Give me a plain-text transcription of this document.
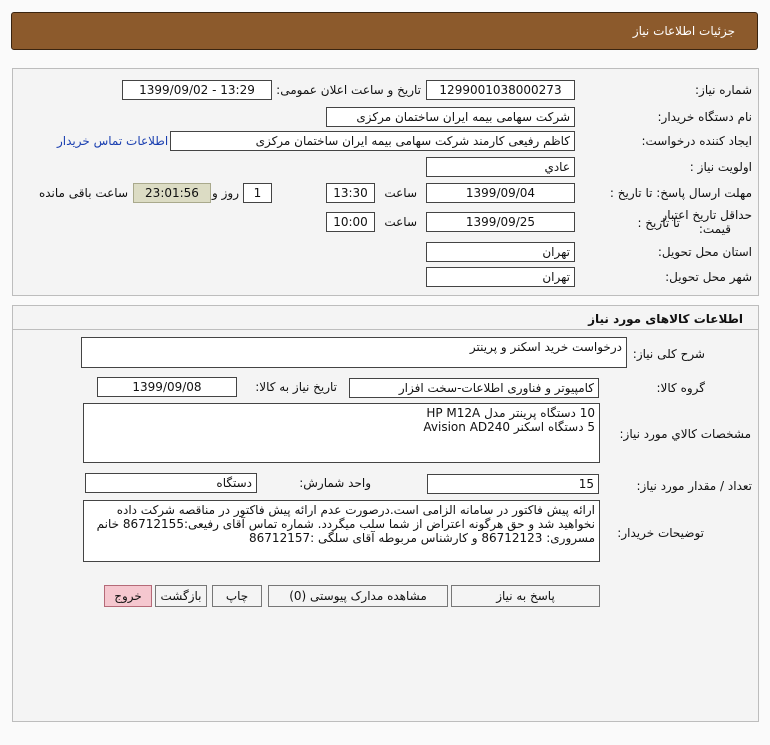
جزئیات اطلاعات نیاز
شماره نیاز:
1299001038000273
تاریخ و ساعت اعلان عمومی:
1399/09/02 - 13:29
نام دستگاه خریدار:
شرکت سهامی بیمه ایران ساختمان مرکزی
ایجاد کننده درخواست:
کاظم رفیعی کارمند شرکت سهامی بیمه ایران ساختمان مرکزی
اطلاعات تماس خریدار
اولویت نیاز :
عادي
مهلت ارسال پاسخ: تا تاریخ :
1399/09/04
ساعت
13:30
1
روز و
23:01:56
ساعت باقی مانده
حداقل تاریخ اعتبار
قیمت:
تا تاریخ :
1399/09/25
ساعت
10:00
استان محل تحویل:
تهران
شهر محل تحویل:
تهران
اطلاعات کالاهای مورد نیاز
شرح کلی نیاز:
درخواست خرید اسکنر و پرینتر
گروه کالا:
کامپیوتر و فناوری اطلاعات-سخت افزار
تاریخ نیاز به کالا:
1399/09/08
مشخصات کالاي مورد نياز:
10 دستگاه پرینتر مدل HP M12A
5 دستگاه اسکنر Avision AD240
تعداد / مقدار مورد نیاز:
15
واحد شمارش:
دستگاه
توضیحات خریدار:
ارائه پیش فاکتور در سامانه الزامی است.درصورت عدم ارائه پیش فاکتور در مناقصه شرکت داده نخواهید شد و حق هرگونه اعتراض از شما سلب میگردد. شماره تماس آقای رفیعی:86712155 خانم مسروری: 86712123 و کارشناس مربوطه آقای سلگی :86712157
پاسخ به نیاز
مشاهده مدارک پیوستی (0)
چاپ
بازگشت
خروج
